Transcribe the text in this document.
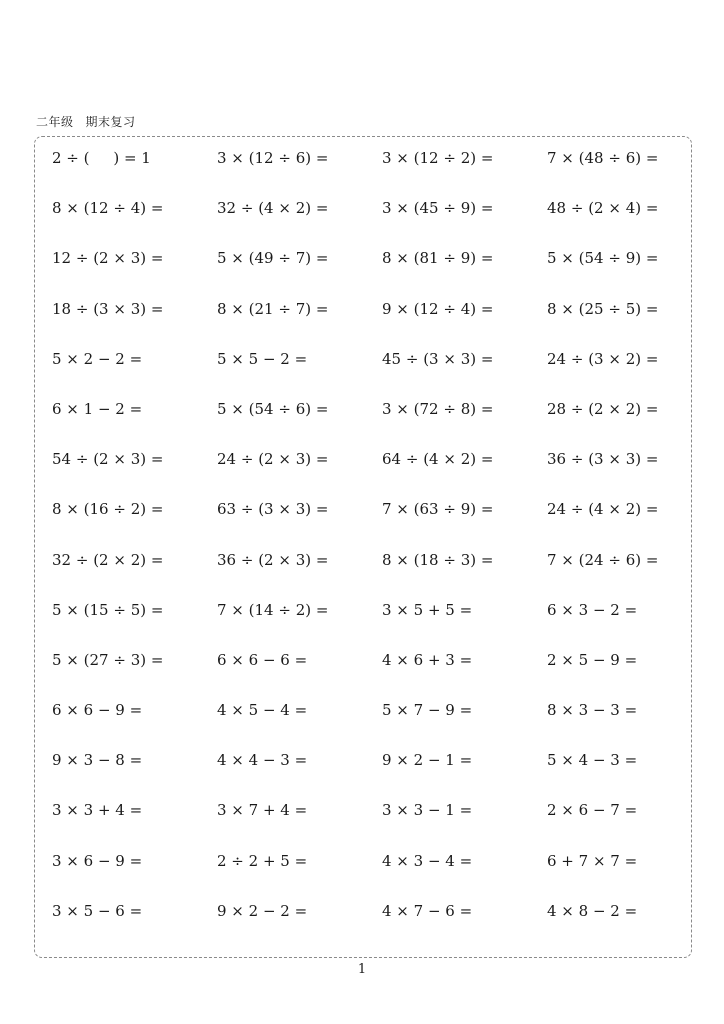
二年级 期末复习
2 ÷ (     ) = 1	3 × (12 ÷ 6) =	3 × (12 ÷ 2) =	7 × (48 ÷ 6) =
8 × (12 ÷ 4) =	32 ÷ (4 × 2) =	3 × (45 ÷ 9) =	48 ÷ (2 × 4) =
12 ÷ (2 × 3) =	5 × (49 ÷ 7) =	8 × (81 ÷ 9) =	5 × (54 ÷ 9) =
18 ÷ (3 × 3) =	8 × (21 ÷ 7) =	9 × (12 ÷ 4) =	8 × (25 ÷ 5) =
5 × 2 − 2 =	5 × 5 − 2 =	45 ÷ (3 × 3) =	24 ÷ (3 × 2) =
6 × 1 − 2 =	5 × (54 ÷ 6) =	3 × (72 ÷ 8) =	28 ÷ (2 × 2) =
54 ÷ (2 × 3) =	24 ÷ (2 × 3) =	64 ÷ (4 × 2) =	36 ÷ (3 × 3) =
8 × (16 ÷ 2) =	63 ÷ (3 × 3) =	7 × (63 ÷ 9) =	24 ÷ (4 × 2) =
32 ÷ (2 × 2) =	36 ÷ (2 × 3) =	8 × (18 ÷ 3) =	7 × (24 ÷ 6) =
5 × (15 ÷ 5) =	7 × (14 ÷ 2) =	3 × 5 + 5 =	6 × 3 − 2 =
5 × (27 ÷ 3) =	6 × 6 − 6 =	4 × 6 + 3 =	2 × 5 − 9 =
6 × 6 − 9 =	4 × 5 − 4 =	5 × 7 − 9 =	8 × 3 − 3 =
9 × 3 − 8 =	4 × 4 − 3 =	9 × 2 − 1 =	5 × 4 − 3 =
3 × 3 + 4 =	3 × 7 + 4 =	3 × 3 − 1 =	2 × 6 − 7 =
3 × 6 − 9 =	2 ÷ 2 + 5 =	4 × 3 − 4 =	6 + 7 × 7 =
3 × 5 − 6 =	9 × 2 − 2 =	4 × 7 − 6 =	4 × 8 − 2 =
1
